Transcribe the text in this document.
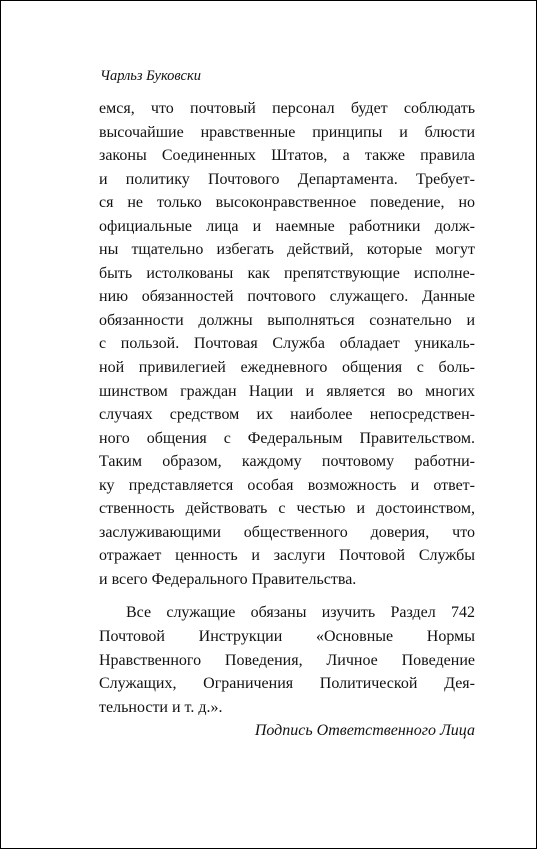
Чарльз Буковски
емся, что почтовый персонал будет соблюдать
высочайшие нравственные принципы и блюсти
законы Соединенных Штатов, а также правила
и политику Почтового Департамента. Требует-
ся не только высоконравственное поведение, но
официальные лица и наемные работники долж-
ны тщательно избегать действий, которые могут
быть истолкованы как препятствующие исполне-
нию обязанностей почтового служащего. Данные
обязанности должны выполняться сознательно и
с пользой. Почтовая Служба обладает уникаль-
ной привилегией ежедневного общения с боль-
шинством граждан Нации и является во многих
случаях средством их наиболее непосредствен-
ного общения с Федеральным Правительством.
Таким образом, каждому почтовому работни-
ку представляется особая возможность и ответ-
ственность действовать с честью и достоинством,
заслуживающими общественного доверия, что
отражает ценность и заслуги Почтовой Службы
и всего Федерального Правительства.
Все служащие обязаны изучить Раздел 742
Почтовой Инструкции «Основные Нормы
Нравственного Поведения, Личное Поведение
Служащих, Ограничения Политической Дея-
тельности и т. д.».
Подпись Ответственного Лица
